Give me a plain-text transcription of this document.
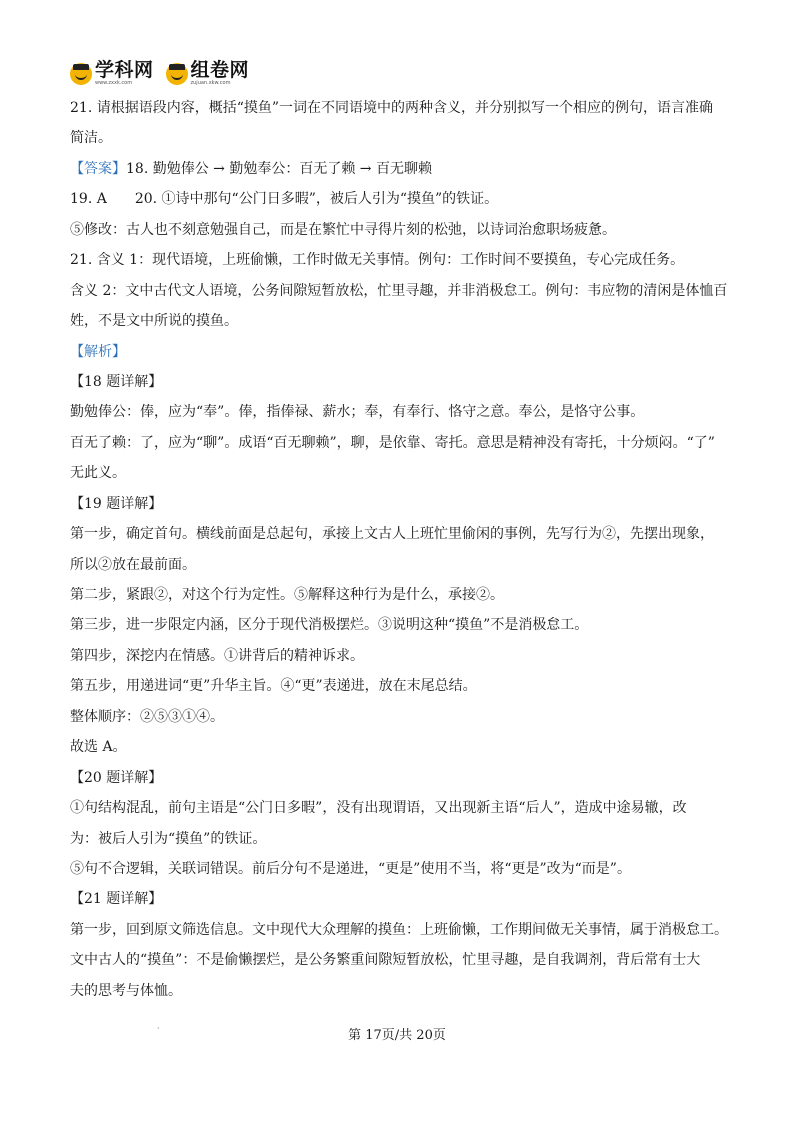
学科网
www.zxxk.com
组卷网
zujuan.xkw.com
21. 请根据语段内容，概括“摸鱼”一词在不同语境中的两种含义，并分别拟写一个相应的例句，语言准确
简洁。
【答案】18. 勤勉俸公 → 勤勉奉公：百无了赖 → 百无聊赖
19. A　　20. ①诗中那句“公门日多暇”，被后人引为“摸鱼”的铁证。
⑤修改：古人也不刻意勉强自己，而是在繁忙中寻得片刻的松弛，以诗词治愈职场疲惫。
21. 含义 1：现代语境，上班偷懒，工作时做无关事情。例句：工作时间不要摸鱼，专心完成任务。
含义 2：文中古代文人语境，公务间隙短暂放松，忙里寻趣，并非消极怠工。例句：韦应物的清闲是体恤百
姓，不是文中所说的摸鱼。
【解析】
【18 题详解】
勤勉俸公：俸，应为“奉”。俸，指俸禄、薪水；奉，有奉行、恪守之意。奉公，是恪守公事。
百无了赖：了，应为“聊”。成语“百无聊赖”，聊，是依靠、寄托。意思是精神没有寄托，十分烦闷。“了”
无此义。
【19 题详解】
第一步，确定首句。横线前面是总起句，承接上文古人上班忙里偷闲的事例，先写行为②，先摆出现象，
所以②放在最前面。
第二步，紧跟②，对这个行为定性。⑤解释这种行为是什么，承接②。
第三步，进一步限定内涵，区分于现代消极摆烂。③说明这种“摸鱼”不是消极怠工。
第四步，深挖内在情感。①讲背后的精神诉求。
第五步，用递进词“更”升华主旨。④“更”表递进，放在末尾总结。
整体顺序：②⑤③①④。
故选 A。
【20 题详解】
①句结构混乱，前句主语是“公门日多暇”，没有出现谓语，又出现新主语“后人”，造成中途易辙，改
为：被后人引为“摸鱼”的铁证。
⑤句不合逻辑，关联词错误。前后分句不是递进，“更是”使用不当，将“更是”改为“而是”。
【21 题详解】
第一步，回到原文筛选信息。文中现代大众理解的摸鱼：上班偷懒，工作期间做无关事情，属于消极怠工。
文中古人的“摸鱼”：不是偷懒摆烂，是公务繁重间隙短暂放松，忙里寻趣，是自我调剂，背后常有士大
夫的思考与体恤。
·	第 17页/共 20页
